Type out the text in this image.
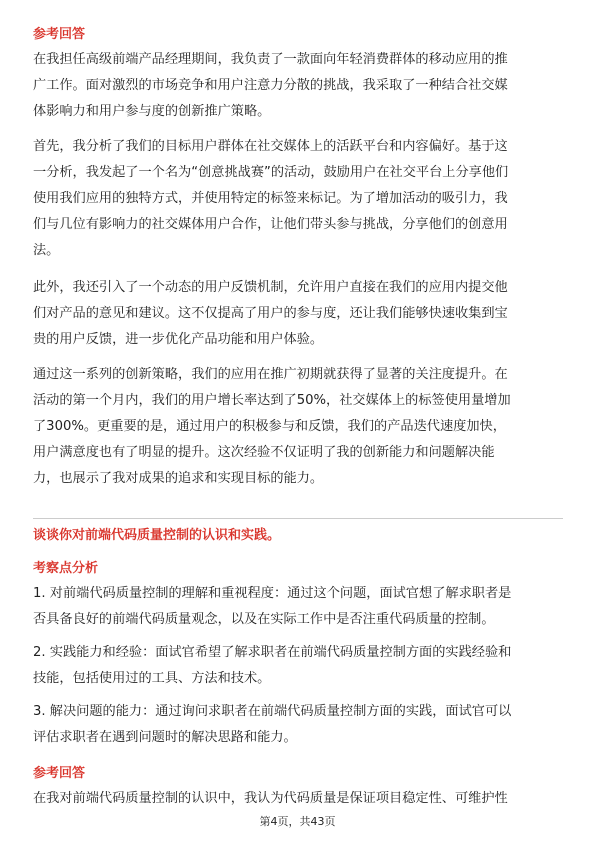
参考回答
在我担任高级前端产品经理期间，我负责了一款面向年轻消费群体的移动应用的推
广工作。面对激烈的市场竞争和用户注意力分散的挑战，我采取了一种结合社交媒
体影响力和用户参与度的创新推广策略。
首先，我分析了我们的目标用户群体在社交媒体上的活跃平台和内容偏好。基于这
一分析，我发起了一个名为“创意挑战赛”的活动，鼓励用户在社交平台上分享他们
使用我们应用的独特方式，并使用特定的标签来标记。为了增加活动的吸引力，我
们与几位有影响力的社交媒体用户合作，让他们带头参与挑战，分享他们的创意用
法。
此外，我还引入了一个动态的用户反馈机制，允许用户直接在我们的应用内提交他
们对产品的意见和建议。这不仅提高了用户的参与度，还让我们能够快速收集到宝
贵的用户反馈，进一步优化产品功能和用户体验。
通过这一系列的创新策略，我们的应用在推广初期就获得了显著的关注度提升。在
活动的第一个月内，我们的用户增长率达到了50%，社交媒体上的标签使用量增加
了300%。更重要的是，通过用户的积极参与和反馈，我们的产品迭代速度加快，
用户满意度也有了明显的提升。这次经验不仅证明了我的创新能力和问题解决能
力，也展示了我对成果的追求和实现目标的能力。
谈谈你对前端代码质量控制的认识和实践。
考察点分析
1. 对前端代码质量控制的理解和重视程度：通过这个问题，面试官想了解求职者是
否具备良好的前端代码质量观念，以及在实际工作中是否注重代码质量的控制。
2. 实践能力和经验：面试官希望了解求职者在前端代码质量控制方面的实践经验和
技能，包括使用过的工具、方法和技术。
3. 解决问题的能力：通过询问求职者在前端代码质量控制方面的实践，面试官可以
评估求职者在遇到问题时的解决思路和能力。
参考回答
在我对前端代码质量控制的认识中，我认为代码质量是保证项目稳定性、可维护性
第4页，共43页
